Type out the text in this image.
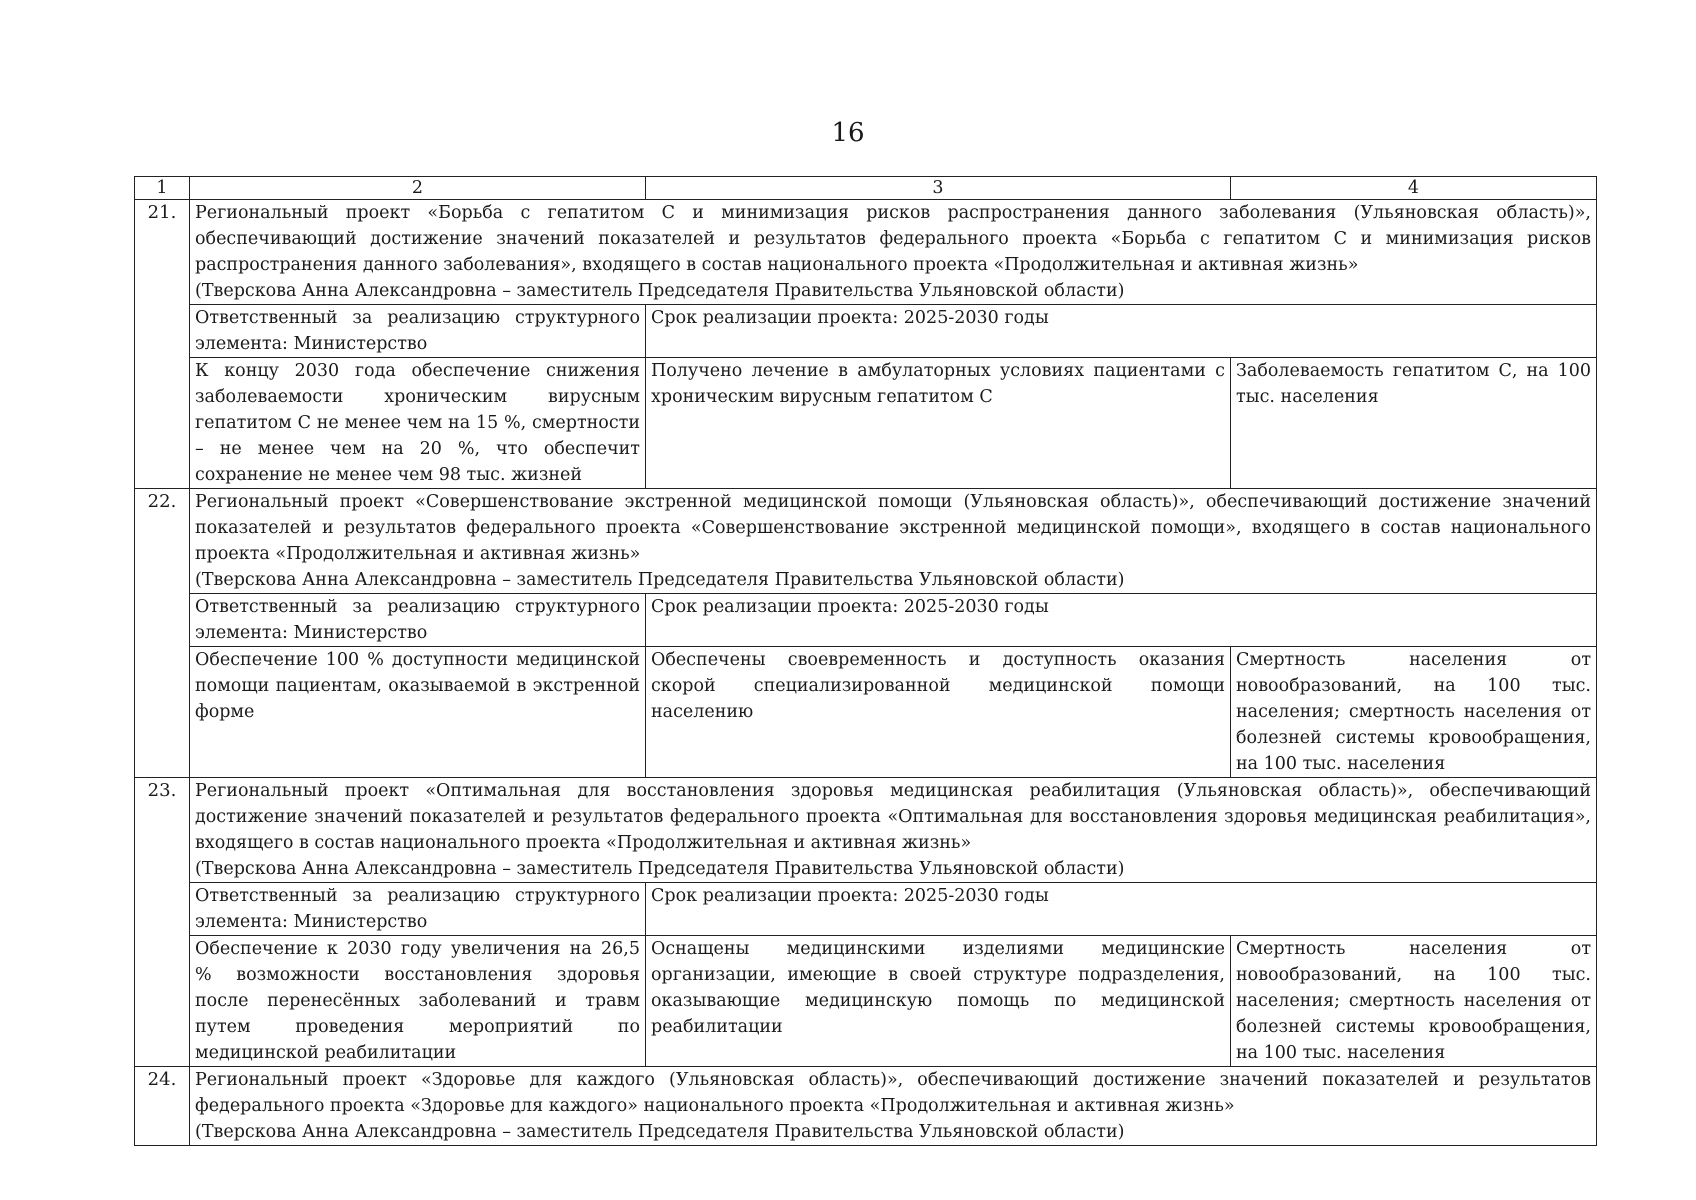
16
1	2	3	4
21.	Региональный проект «Борьба с гепатитом С и минимизация рисков распространения данного заболевания (Ульяновская область)», обеспечивающий достижение значений показателей и результатов федерального проекта «Борьба с гепатитом С и минимизация рисков распространения данного заболевания», входящего в состав национального проекта «Продолжительная и активная жизнь»
(Тверскова Анна Александровна – заместитель Председателя Правительства Ульяновской области)		

	Ответственный за реализацию структурного элемента: Министерство	Срок реализации проекта: 2025-2030 годы	
	К концу 2030 года обеспечение снижения заболеваемости хроническим вирусным гепатитом С не менее чем на 15 %, смертности – не менее чем на 20 %, что обеспечит сохранение не менее чем 98 тыс. жизней	Получено лечение в амбулаторных условиях пациентами с хроническим вирусным гепатитом С	Заболеваемость гепатитом С, на 100 тыс. населения
22.	Региональный проект «Совершенствование экстренной медицинской помощи (Ульяновская область)», обеспечивающий достижение значений показателей и результатов федерального проекта «Совершенствование экстренной медицинской помощи», входящего в состав национального проекта «Продолжительная и активная жизнь»
(Тверскова Анна Александровна – заместитель Председателя Правительства Ульяновской области)		

	Ответственный за реализацию структурного элемента: Министерство	Срок реализации проекта: 2025-2030 годы	
	Обеспечение 100 % доступности медицинской помощи пациентам, оказываемой в экстренной форме	Обеспечены своевременность и доступность оказания скорой специализированной медицинской помощи населению	Смертность населения от новообразований, на 100 тыс. населения; смертность населения от болезней системы кровообращения, на 100 тыс. населения
23.	Региональный проект «Оптимальная для восстановления здоровья медицинская реабилитация (Ульяновская область)», обеспечивающий достижение значений показателей и результатов федерального проекта «Оптимальная для восстановления здоровья медицинская реабилитация», входящего в состав национального проекта «Продолжительная и активная жизнь»
(Тверскова Анна Александровна – заместитель Председателя Правительства Ульяновской области)		

	Ответственный за реализацию структурного элемента: Министерство	Срок реализации проекта: 2025-2030 годы	
	Обеспечение к 2030 году увеличения на 26,5 % возможности восстановления здоровья после перенесённых заболеваний и травм путем проведения мероприятий по медицинской реабилитации	Оснащены медицинскими изделиями медицинские организации, имеющие в своей структуре подразделения, оказывающие медицинскую помощь по медицинской реабилитации	Смертность населения от новообразований, на 100 тыс. населения; смертность населения от болезней системы кровообращения, на 100 тыс. населения
24.	Региональный проект «Здоровье для каждого (Ульяновская область)», обеспечивающий достижение значений показателей и результатов федерального проекта «Здоровье для каждого» национального проекта «Продолжительная и активная жизнь»
(Тверскова Анна Александровна – заместитель Председателя Правительства Ульяновской области)		
